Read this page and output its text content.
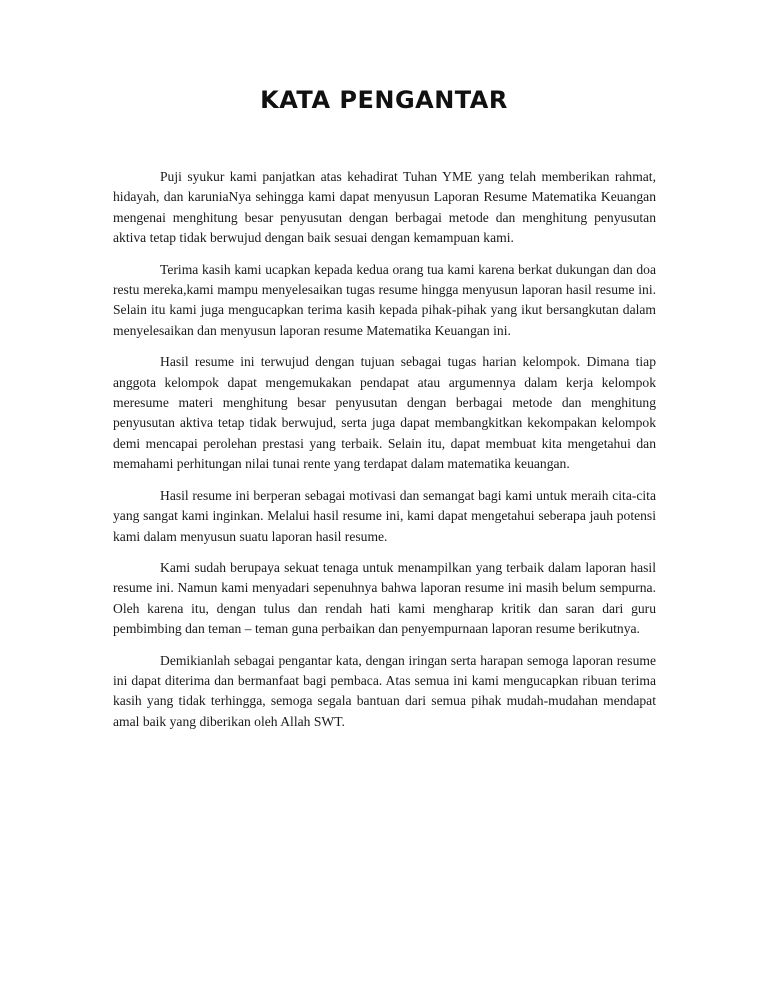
KATA PENGANTAR

Puji syukur kami panjatkan atas kehadirat Tuhan YME yang telah memberikan rahmat, hidayah, dan karuniaNya sehingga kami dapat menyusun Laporan Resume Matematika Keuangan mengenai menghitung besar penyusutan dengan berbagai metode dan menghitung penyusutan aktiva tetap tidak berwujud dengan baik sesuai dengan kemampuan kami.

Terima kasih kami ucapkan kepada kedua orang tua kami karena berkat dukungan dan doa restu mereka,kami mampu menyelesaikan tugas resume hingga menyusun laporan hasil resume ini. Selain itu kami juga mengucapkan terima kasih kepada pihak-pihak yang ikut bersangkutan dalam menyelesaikan dan menyusun laporan resume Matematika Keuangan ini.

Hasil resume ini terwujud dengan tujuan sebagai tugas harian kelompok. Dimana tiap anggota kelompok dapat mengemukakan pendapat atau argumennya dalam kerja kelompok meresume materi menghitung besar penyusutan dengan berbagai metode dan menghitung penyusutan aktiva tetap tidak berwujud, serta juga dapat membangkitkan kekompakan kelompok demi mencapai perolehan prestasi yang terbaik. Selain itu, dapat membuat kita mengetahui dan memahami perhitungan nilai tunai rente yang terdapat dalam matematika keuangan.

Hasil resume ini berperan sebagai motivasi dan semangat bagi kami untuk meraih cita-cita yang sangat kami inginkan. Melalui hasil resume ini, kami dapat mengetahui seberapa jauh potensi kami dalam menyusun suatu laporan hasil resume.

Kami sudah berupaya sekuat tenaga untuk menampilkan yang terbaik dalam laporan hasil resume ini. Namun kami menyadari sepenuhnya bahwa laporan resume ini masih belum sempurna. Oleh karena itu, dengan tulus dan rendah hati kami mengharap kritik dan saran dari guru pembimbing dan teman – teman guna perbaikan dan penyempurnaan laporan resume berikutnya.

Demikianlah sebagai pengantar kata, dengan iringan serta harapan semoga laporan resume ini dapat diterima dan bermanfaat bagi pembaca. Atas semua ini kami mengucapkan ribuan terima kasih yang tidak terhingga, semoga segala bantuan dari semua pihak mudah-mudahan mendapat amal baik yang diberikan oleh Allah SWT.
